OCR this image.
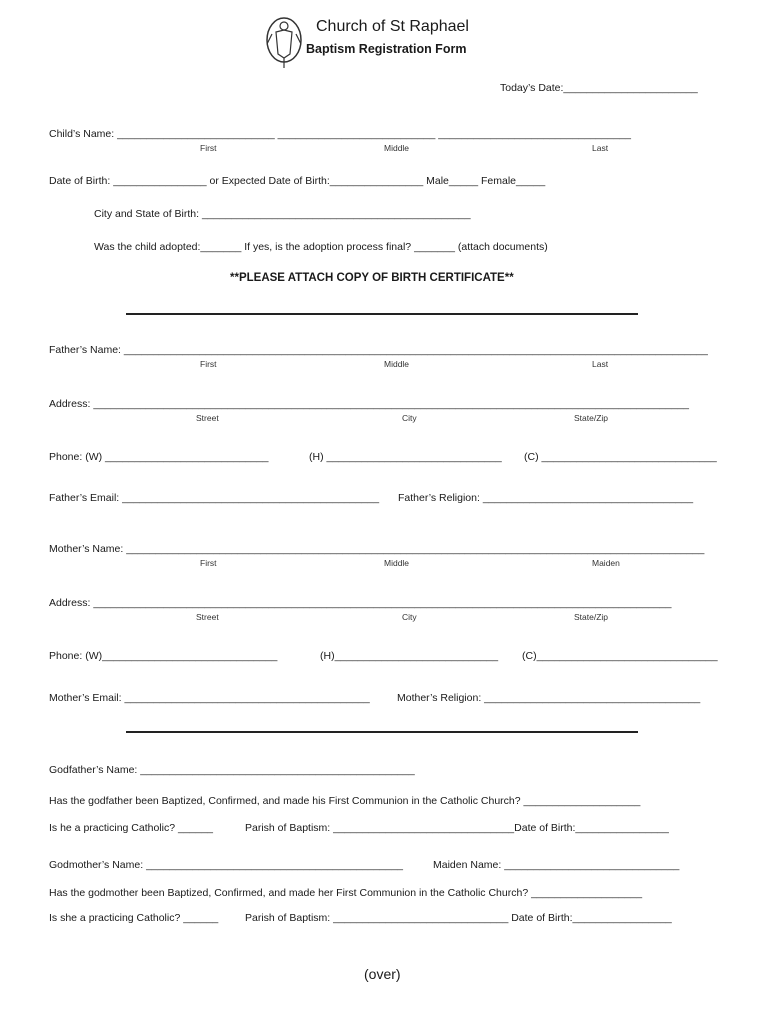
Church of St Raphael
Baptism Registration Form
Today’s Date:_______________________
Child’s Name: ___________________________ ___________________________ _________________________________
First	Middle	Last
Date of Birth: ________________ or Expected Date of Birth:________________ Male_____ Female_____
City and State of Birth: ______________________________________________
Was the child adopted:_______ If yes, is the adoption process final? _______ (attach documents)
**PLEASE ATTACH COPY OF BIRTH CERTIFICATE**
Father’s Name: ____________________________________________________________________________________________________
First	Middle	Last
Address: ______________________________________________________________________________________________________
Street	City	State/Zip
Phone: (W) ____________________________	(H) ______________________________ (C) ______________________________
Father’s Email: ____________________________________________ Father’s Religion: ____________________________________
Mother’s Name: ___________________________________________________________________________________________________
First	Middle	Maiden
Address: ___________________________________________________________________________________________________
Street	City	State/Zip
Phone: (W)______________________________	(H)____________________________ (C)_______________________________
Mother’s Email: __________________________________________	Mother’s Religion: _____________________________________
Godfather’s Name: _______________________________________________
Has the godfather been Baptized, Confirmed, and made his First Communion in the Catholic Church? ____________________
Is he a practicing Catholic? ______	Parish of Baptism: _______________________________Date of Birth:________________
Godmother’s Name: ____________________________________________	Maiden Name: ______________________________
Has the godmother been Baptized, Confirmed, and made her First Communion in the Catholic Church? ___________________
Is she a practicing Catholic? ______	Parish of Baptism: ______________________________ Date of Birth:_________________
(over)
